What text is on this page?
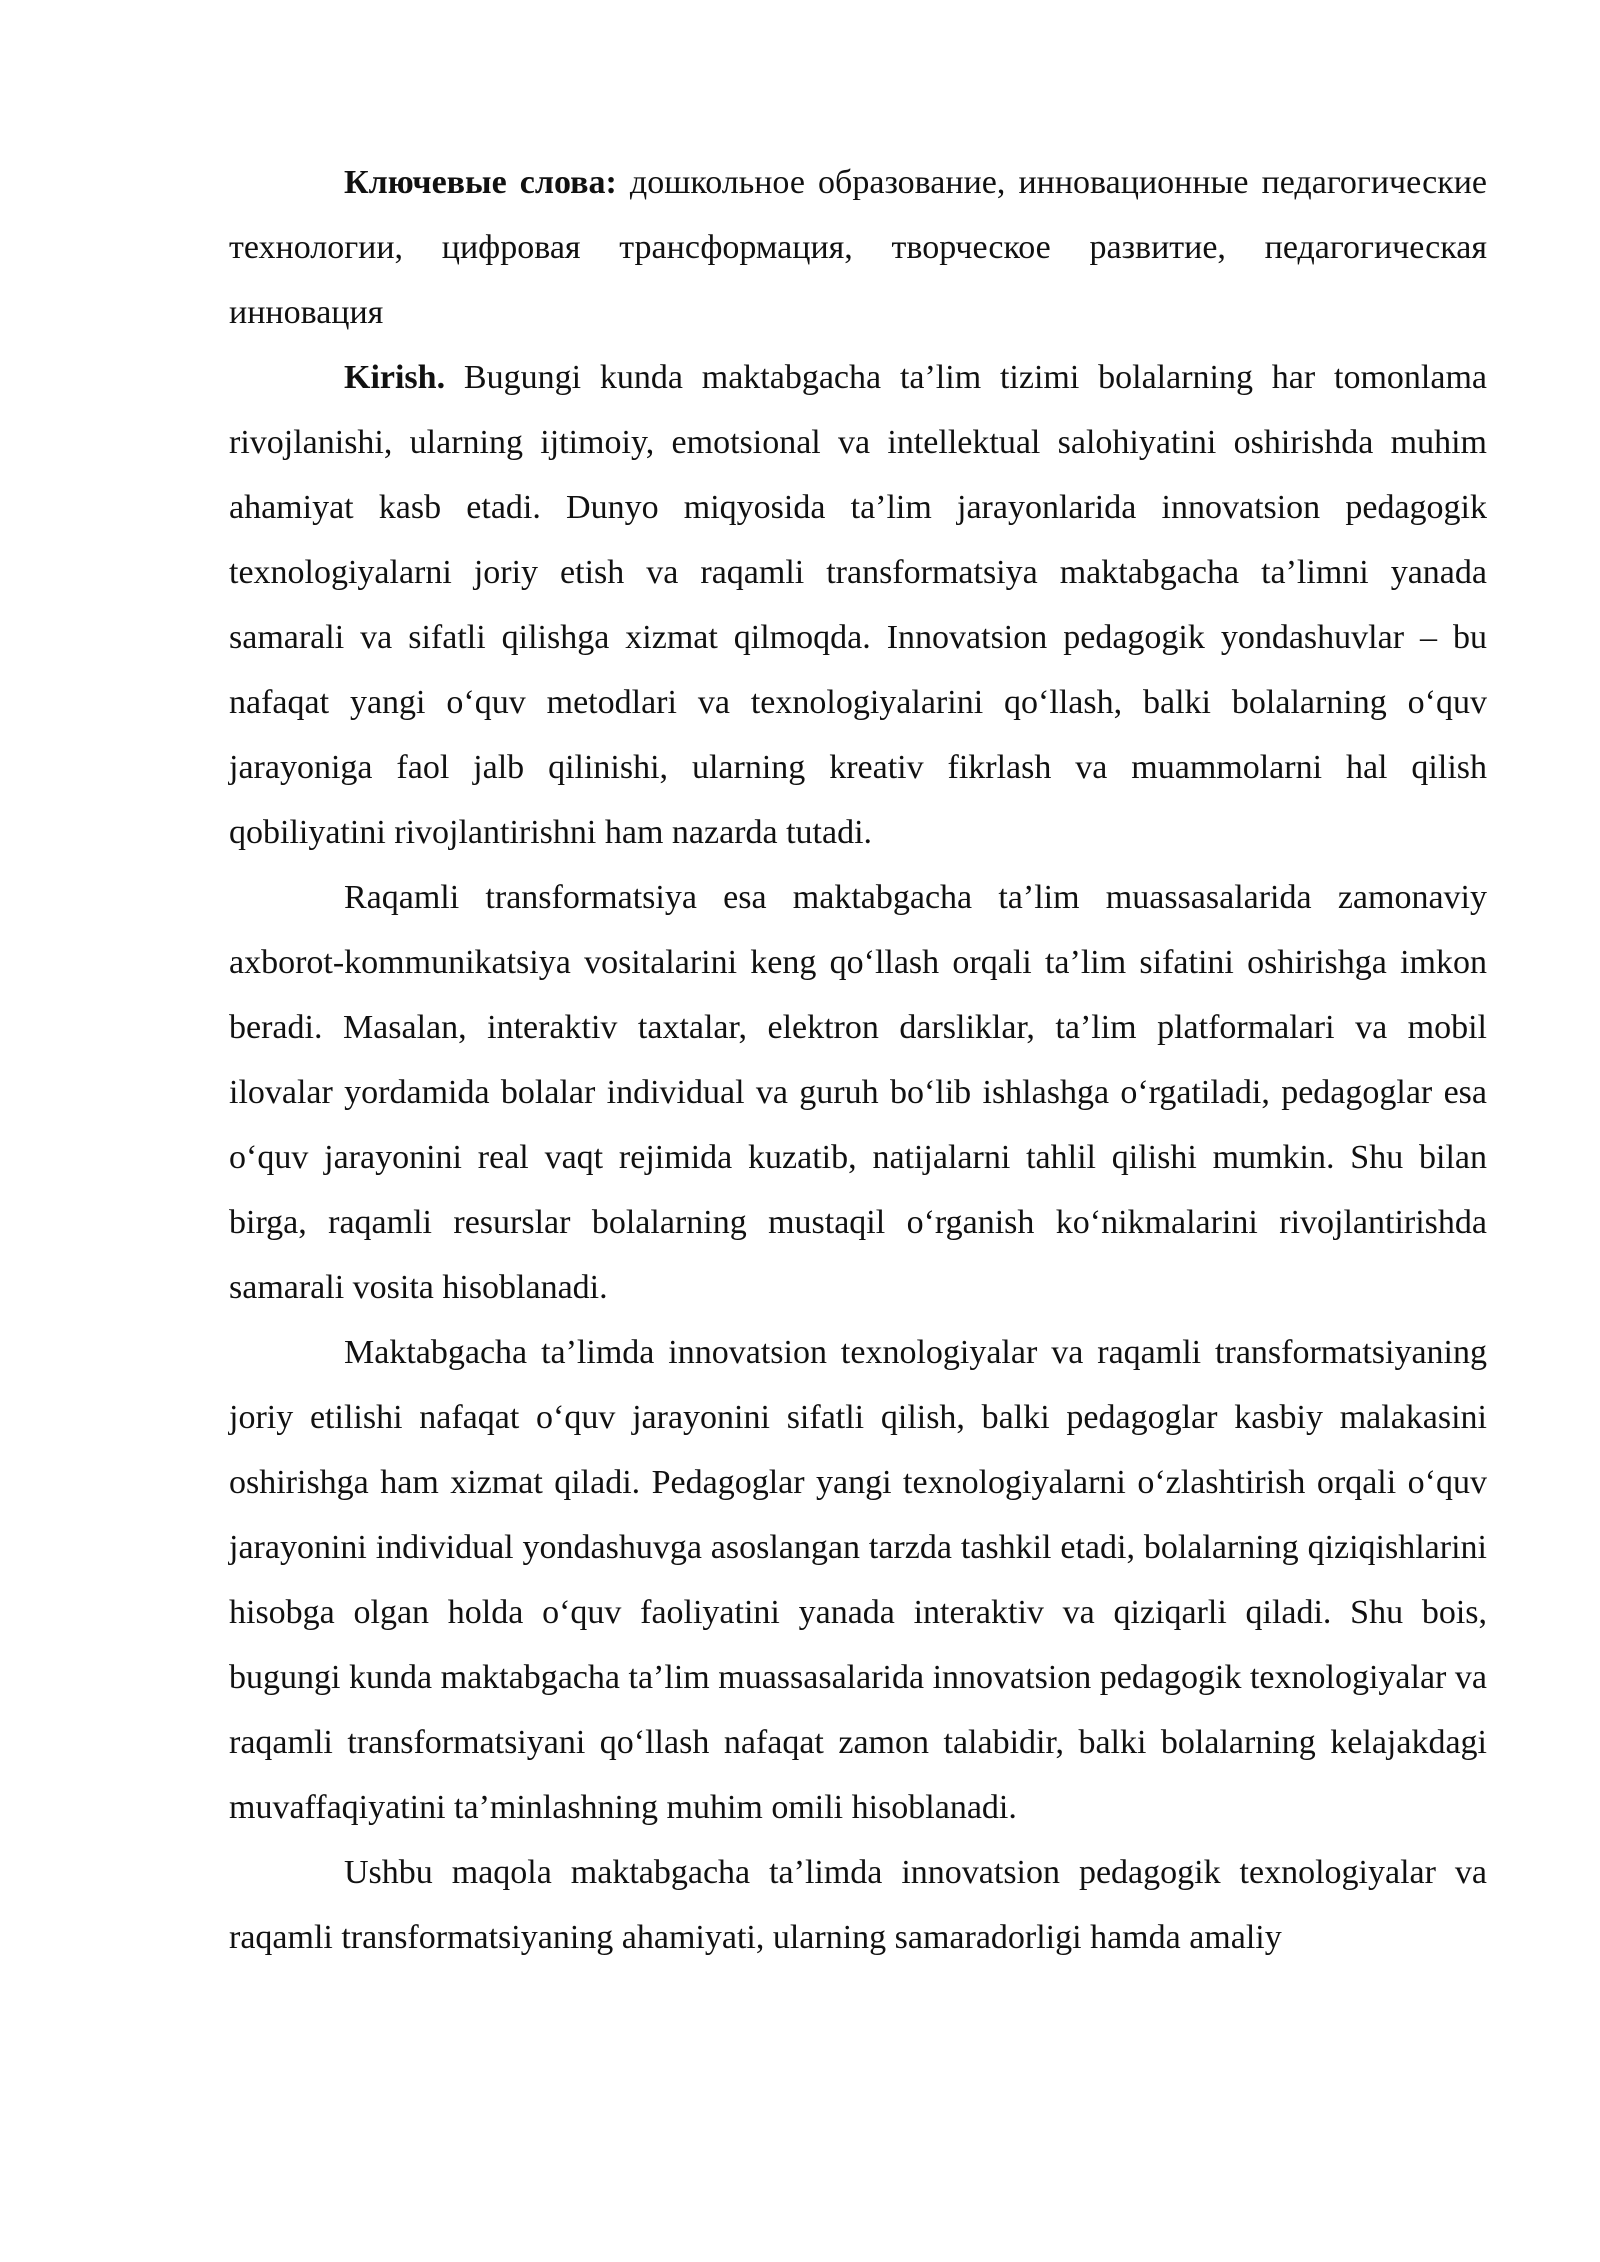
Ключевые слова: дошкольное образование, инновационные педагогические технологии, цифровая трансформация, творческое развитие, педагогическая инновация

Kirish. Bugungi kunda maktabgacha ta’lim tizimi bolalarning har tomonlama rivojlanishi, ularning ijtimoiy, emotsional va intellektual salohiyatini oshirishda muhim ahamiyat kasb etadi. Dunyo miqyosida ta’lim jarayonlarida innovatsion pedagogik texnologiyalarni joriy etish va raqamli transformatsiya maktabgacha ta’limni yanada samarali va sifatli qilishga xizmat qilmoqda. Innovatsion pedagogik yondashuvlar – bu nafaqat yangi o‘quv metodlari va texnologiyalarini qo‘llash, balki bolalarning o‘quv jarayoniga faol jalb qilinishi, ularning kreativ fikrlash va muammolarni hal qilish qobiliyatini rivojlantirishni ham nazarda tutadi.

Raqamli transformatsiya esa maktabgacha ta’lim muassasalarida zamonaviy axborot-kommunikatsiya vositalarini keng qo‘llash orqali ta’lim sifatini oshirishga imkon beradi. Masalan, interaktiv taxtalar, elektron darsliklar, ta’lim platformalari va mobil ilovalar yordamida bolalar individual va guruh bo‘lib ishlashga o‘rgatiladi, pedagoglar esa o‘quv jarayonini real vaqt rejimida kuzatib, natijalarni tahlil qilishi mumkin. Shu bilan birga, raqamli resurslar bolalarning mustaqil o‘rganish ko‘nikmalarini rivojlantirishda samarali vosita hisoblanadi.

Maktabgacha ta’limda innovatsion texnologiyalar va raqamli transformatsiyaning joriy etilishi nafaqat o‘quv jarayonini sifatli qilish, balki pedagoglar kasbiy malakasini oshirishga ham xizmat qiladi. Pedagoglar yangi texnologiyalarni o‘zlashtirish orqali o‘quv jarayonini individual yondashuvga asoslangan tarzda tashkil etadi, bolalarning qiziqishlarini hisobga olgan holda o‘quv faoliyatini yanada interaktiv va qiziqarli qiladi. Shu bois, bugungi kunda maktabgacha ta’lim muassasalarida innovatsion pedagogik texnologiyalar va raqamli transformatsiyani qo‘llash nafaqat zamon talabidir, balki bolalarning kelajakdagi muvaffaqiyatini ta’minlashning muhim omili hisoblanadi.

Ushbu maqola maktabgacha ta’limda innovatsion pedagogik texnologiyalar va raqamli transformatsiyaning ahamiyati, ularning samaradorligi hamda amaliy
